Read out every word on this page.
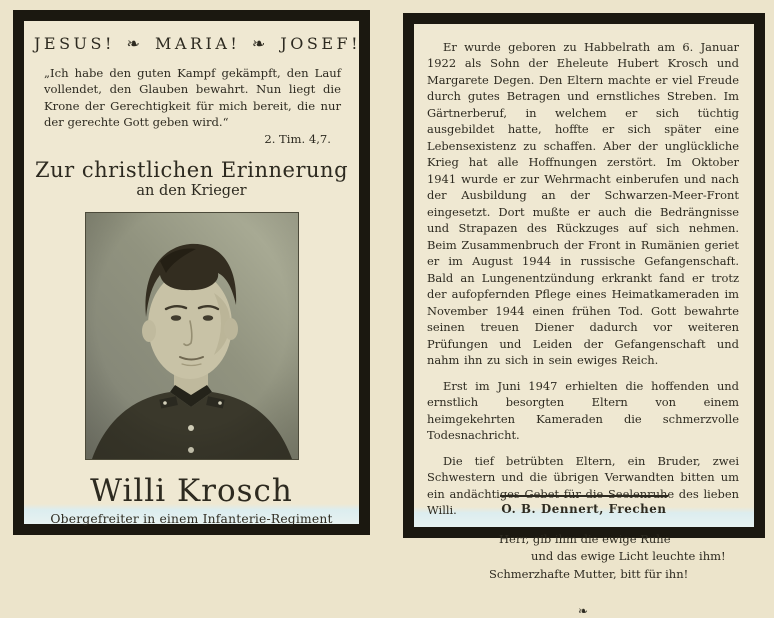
JESUS! ❧ MARIA! ❧ JOSEF!

„Ich habe den guten Kampf gekämpft, den Lauf vollendet, den Glauben bewahrt. Nun liegt die Krone der Gerechtigkeit für mich bereit, die nur der gerechte Gott geben wird.“

2. Tim. 4,7.
Zur christlichen Erinnerung
an den Krieger
Willi Krosch
Obergefreiter in einem Infanterie-Regiment

Er wurde geboren zu Habbelrath am 6. Januar 1922 als Sohn der Eheleute Hubert Krosch und Margarete Degen. Den Eltern machte er viel Freude durch gutes Betragen und ernstliches Streben. Im Gärtnerberuf, in welchem er sich tüchtig ausgebildet hatte, hoffte er sich später eine Lebensexistenz zu schaffen. Aber der unglückliche Krieg hat alle Hoffnungen zerstört. Im Oktober 1941 wurde er zur Wehrmacht einberufen und nach der Ausbildung an der Schwarzen-Meer-Front eingesetzt. Dort mußte er auch die Bedrängnisse und Strapazen des Rückzuges auf sich nehmen. Beim Zusammenbruch der Front in Rumänien geriet er im August 1944 in russische Gefangenschaft. Bald an Lungenentzündung erkrankt fand er trotz der aufopfernden Pflege eines Heimatkameraden im November 1944 einen frühen Tod. Gott bewahrte seinen treuen Diener dadurch vor weiteren Prüfungen und Leiden der Gefangenschaft und nahm ihn zu sich in sein ewiges Reich.

Erst im Juni 1947 erhielten die hoffenden und ernstlich besorgten Eltern von einem heimgekehrten Kameraden die schmerzvolle Todesnachricht.

Die tief betrübten Eltern, ein Bruder, zwei Schwestern und die übrigen Verwandten bitten um ein andächtiges Gebet für die Seelenruhe des lieben Willi.

Herr, gib ihm die ewige Ruhe
und das ewige Licht leuchte ihm!
Schmerzhafte Mutter, bitt für ihn!
❧
O. B. Dennert, Frechen
